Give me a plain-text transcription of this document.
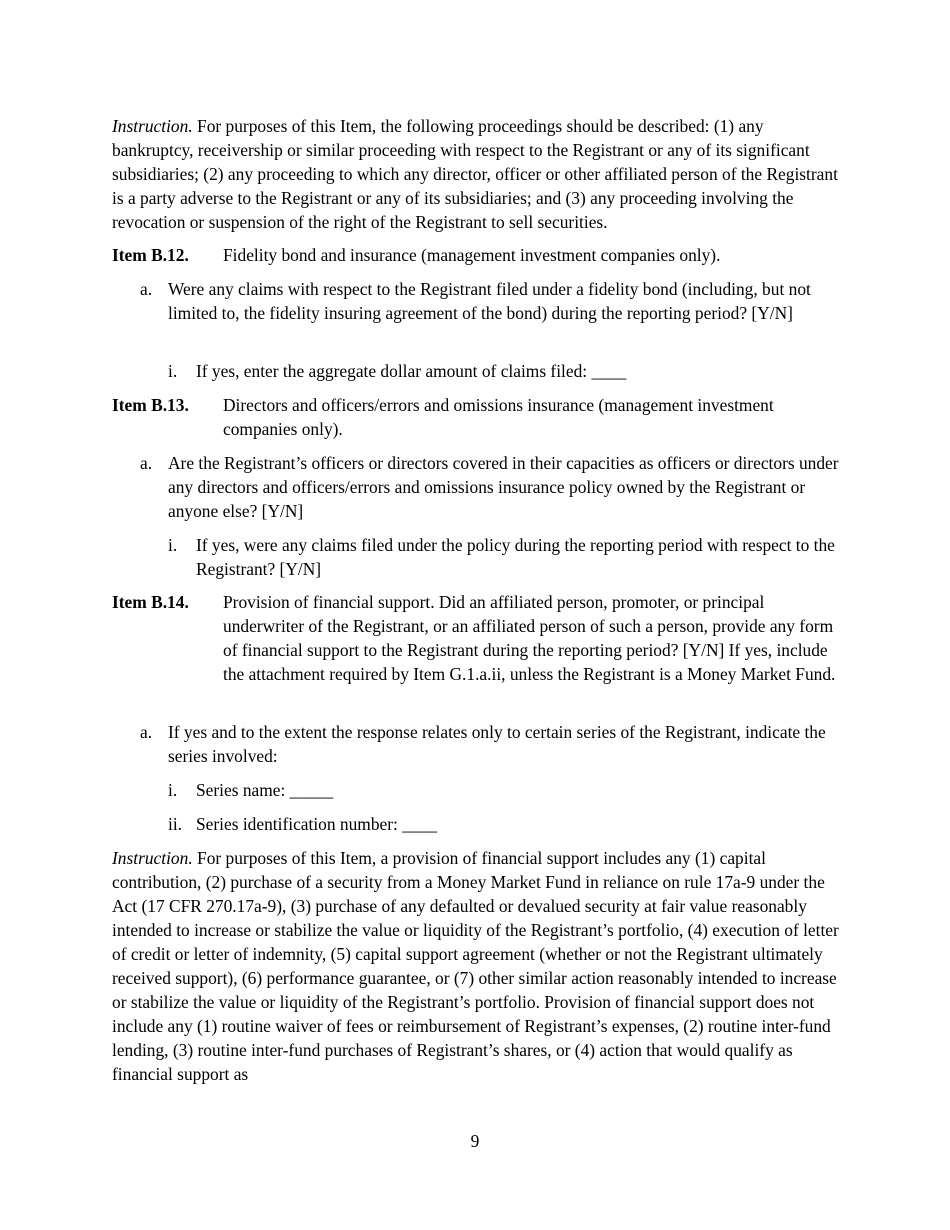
Instruction. For purposes of this Item, the following proceedings should be described: (1) any bankruptcy, receivership or similar proceeding with respect to the Registrant or any of its significant subsidiaries; (2) any proceeding to which any director, officer or other affiliated person of the Registrant is a party adverse to the Registrant or any of its subsidiaries; and (3) any proceeding involving the revocation or suspension of the right of the Registrant to sell securities.

Item B.12. Fidelity bond and insurance (management investment companies only).
a. Were any claims with respect to the Registrant filed under a fidelity bond (including, but not limited to, the fidelity insuring agreement of the bond) during the reporting period? [Y/N]
i. If yes, enter the aggregate dollar amount of claims filed: ____
Item B.13. Directors and officers/errors and omissions insurance (management investment companies only).
a. Are the Registrant’s officers or directors covered in their capacities as officers or directors under any directors and officers/errors and omissions insurance policy owned by the Registrant or anyone else? [Y/N]
i. If yes, were any claims filed under the policy during the reporting period with respect to the Registrant? [Y/N]
Item B.14. Provision of financial support. Did an affiliated person, promoter, or principal underwriter of the Registrant, or an affiliated person of such a person, provide any form of financial support to the Registrant during the reporting period? [Y/N] If yes, include the attachment required by Item G.1.a.ii, unless the Registrant is a Money Market Fund.
a. If yes and to the extent the response relates only to certain series of the Registrant, indicate the series involved:
i. Series name: _____
ii. Series identification number: ____

Instruction. For purposes of this Item, a provision of financial support includes any (1) capital contribution, (2) purchase of a security from a Money Market Fund in reliance on rule 17a-9 under the Act (17 CFR 270.17a-9), (3) purchase of any defaulted or devalued security at fair value reasonably intended to increase or stabilize the value or liquidity of the Registrant’s portfolio, (4) execution of letter of credit or letter of indemnity, (5) capital support agreement (whether or not the Registrant ultimately received support), (6) performance guarantee, or (7) other similar action reasonably intended to increase or stabilize the value or liquidity of the Registrant’s portfolio. Provision of financial support does not include any (1) routine waiver of fees or reimbursement of Registrant’s expenses, (2) routine inter-fund lending, (3) routine inter-fund purchases of Registrant’s shares, or (4) action that would qualify as financial support as

9
